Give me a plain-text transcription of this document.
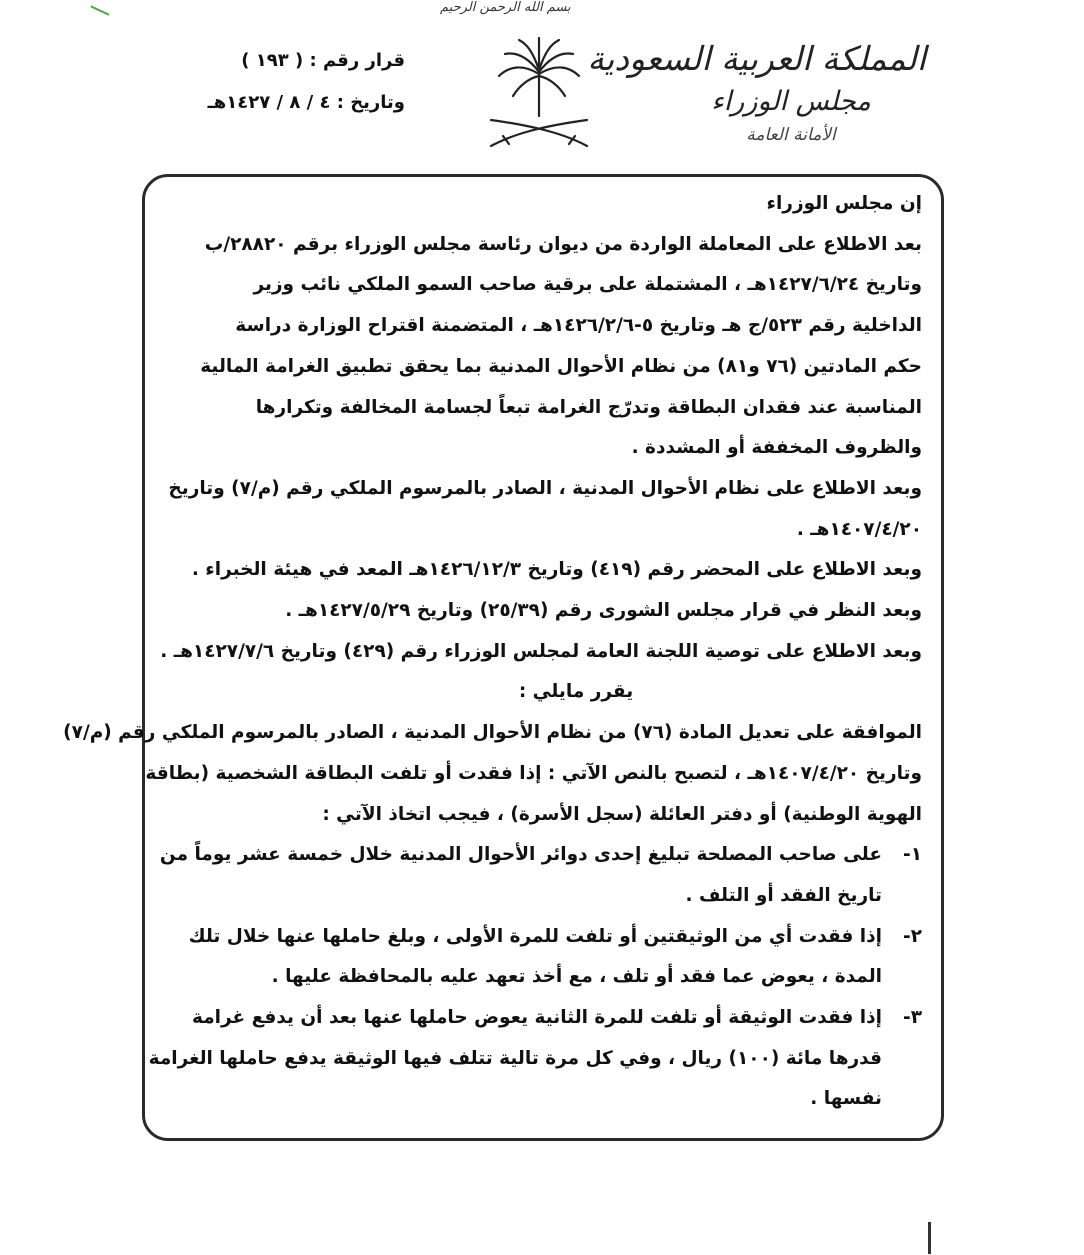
بسم الله الرحمن الرحيم
المملكة العربية السعودية
مجلس الوزراء
الأمانة العامة
قرار رقم : ( ١٩٣ )
وتاريخ : ٤ / ٨ / ١٤٢٧هـ

إن مجلس الوزراء

بعد الاطلاع على المعاملة الواردة من ديوان رئاسة مجلس الوزراء برقم ٢٨٨٢٠/ب

وتاريخ ١٤٢٧/٦/٢٤هـ ، المشتملة على برقية صاحب السمو الملكي نائب وزير

الداخلية رقم ٥٢٣/ج هـ وتاريخ ٥-١٤٢٦/٢/٦هـ ، المتضمنة اقتراح الوزارة دراسة

حكم المادتين (٧٦ و٨١) من نظام الأحوال المدنية بما يحقق تطبيق الغرامة المالية

المناسبة عند فقدان البطاقة وتدرّج الغرامة تبعاً لجسامة المخالفة وتكرارها

والظروف المخففة أو المشددة .

وبعد الاطلاع على نظام الأحوال المدنية ، الصادر بالمرسوم الملكي رقم (م/٧) وتاريخ

١٤٠٧/٤/٢٠هـ .

وبعد الاطلاع على المحضر رقم (٤١٩) وتاريخ ١٤٢٦/١٢/٣هـ المعد في هيئة الخبراء .

وبعد النظر في قرار مجلس الشورى رقم (٢٥/٣٩) وتاريخ ١٤٢٧/٥/٢٩هـ .

وبعد الاطلاع على توصية اللجنة العامة لمجلس الوزراء رقم (٤٢٩) وتاريخ ١٤٢٧/٧/٦هـ .

يقرر مايلي :

الموافقة على تعديل المادة (٧٦) من نظام الأحوال المدنية ، الصادر بالمرسوم الملكي رقم (م/٧)

وتاريخ ١٤٠٧/٤/٢٠هـ ، لتصبح بالنص الآتي : إذا فقدت أو تلفت البطاقة الشخصية (بطاقة

الهوية الوطنية) أو دفتر العائلة (سجل الأسرة) ، فيجب اتخاذ الآتي :

١-

على صاحب المصلحة تبليغ إحدى دوائر الأحوال المدنية خلال خمسة عشر يوماً من

تاريخ الفقد أو التلف .

٢-

إذا فقدت أي من الوثيقتين أو تلفت للمرة الأولى ، وبلغ حاملها عنها خلال تلك

المدة ، يعوض عما فقد أو تلف ، مع أخذ تعهد عليه بالمحافظة عليها .

٣-

إذا فقدت الوثيقة أو تلفت للمرة الثانية يعوض حاملها عنها بعد أن يدفع غرامة

قدرها مائة (١٠٠) ريال ، وفي كل مرة تالية تتلف فيها الوثيقة يدفع حاملها الغرامة

نفسها .
